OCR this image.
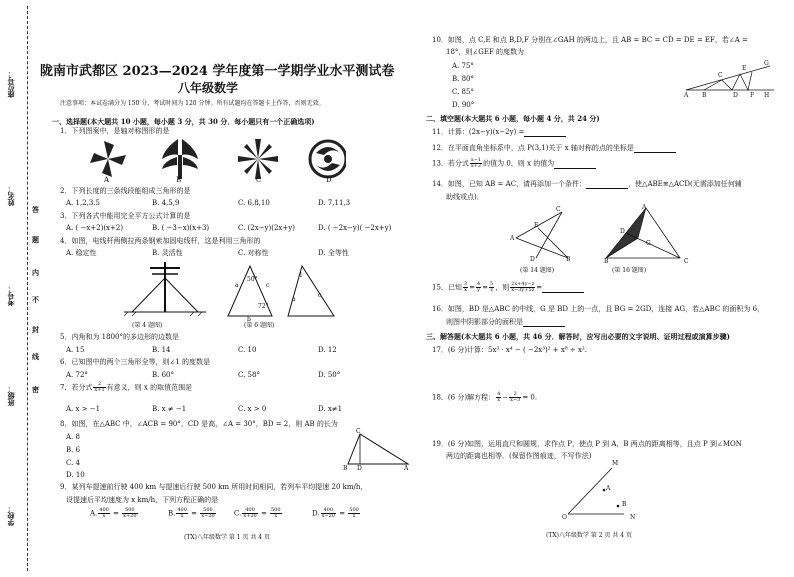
座位号：
姓名：
考号：
班级：
学校：
答
题
内
不
封
线
密
陇南市武都区 2023—2024 学年度第一学期学业水平测试卷
八年级数学
注意事项：本试卷满分为 150 分，考试时间为 120 分钟。所有试题均在答题卡上作答，否则无效。
一、选择题(本大题共 10 小题，每小题 3 分，共 30 分．每小题只有一个正确选项)
1．下列图案中，是轴对称图形的是
A	B	C	D
2．下列长度的三条线段能组成三角形的是
A. 1,2,3.5	B. 4,5,9	C. 6,8,10	D. 7,11,3
3．下列各式中能用完全平方公式计算的是
A. ( −x+2)(x+2)	B. ( −3−x)(x+3)	C. (2x−y)(2x+y)	D. ( −2x−y)( −2x+y)
4．如图，电线杆两侧拉两条钢索加固电线杆，这是利用三角形的
A. 稳定性	B. 灵活性	C. 对称性	D. 全等性
(第 4 题图)
a	c
50°
72°
b
1
a
c
(第 6 题图)
5．内角和为 1800°的多边形的边数是
A. 15	B. 14	C. 10	D. 12
6．已知图中的两个三角形全等，则∠1 的度数是
A. 72°	B. 60°	C. 58°	D. 50°
7．若分式 $\frac{2}{x+1}$ 有意义，则 x 的取值范围是
A. x > −1	B. x ≠ −1	C. x > 0	D. x≠1
8．如图，在△ABC 中，∠ACB = 90°，CD 是高，∠A = 30°，BD = 2，则 AB 的长为
A. 8
B. 6
C. 4
D. 10
C
B D	A
9．某列车提速前行驶 400 km 与提速后行驶 500 km 所用时间相同，若列车平均提速 20 km/h，
设提速后平均速度为 x km/h，下列方程正确的是
A. $\frac{400}{x} = \frac{500}{x+20}$	B. $\frac{400}{x} = \frac{500}{x-20}$	C. $\frac{400}{x+20} = \frac{500}{x}$	D. $\frac{400}{x-20} = \frac{500}{x}$
(TX)八年级数学 第 1 页 共 4 页
10．如图，点 C,E 和点 B,D,F 分别在∠GAH 的两边上，且 AB = BC = CD = DE = EF，若∠A =
18°，则∠GEF 的度数为
A. 75°
B. 80°
C. 85°
D. 90°
A B
C
D
E
F
G
H
二、填空题(本大题共 6 小题，每小题 4 分，共 24 分)
11．计算：(2x−y)(x−2y) =
12．在平面直角坐标系中，点 P(3,1)关于 x 轴对称的点的坐标是
13．若分式 $\frac{x-1}{x+2}$ 的值为 0，则 x 的值为
14．如图，已知 AB = AC，请再添加一个条件：	，使△ABE≌△ACD(无需添加任何辅
助线或点)．
A
C
E
D	B
(第 14 题图)
A
D
G
B	C
(第 16 题图)
15．已知 $\frac{3}{x} = \frac{4}{y} = \frac{5}{z}$ ，则 $\frac{2x+4y-z}{x-3y+5z}$ =
16．如图，BD 是△ABC 的中线，G 是 BD 上的一点，且 BG = 2GD，连接 AG，若△ABC 的面积为 6，
则图中阴影部分的面积是
三、解答题(本大题共 6 小题，共 46 分．解答时，应写出必要的文字说明、证明过程或演算步骤)
17．(6 分)计算：5x³ · x⁴ − ( −2x³)² + x⁸ ÷ x².
18．(6 分)解方程： $\frac{4}{x} - \frac{2}{x-3} = 0$.
19．(6 分)如图，运用直尺和圆规，求作点 P，使点 P 到 A，B 两点的距离相等，且点 P 到∠MON
两边的距离也相等．(保留作图痕迹，不写作法)
M
A
B
O	N
(TX)八年级数学 第 2 页 共 4 页
